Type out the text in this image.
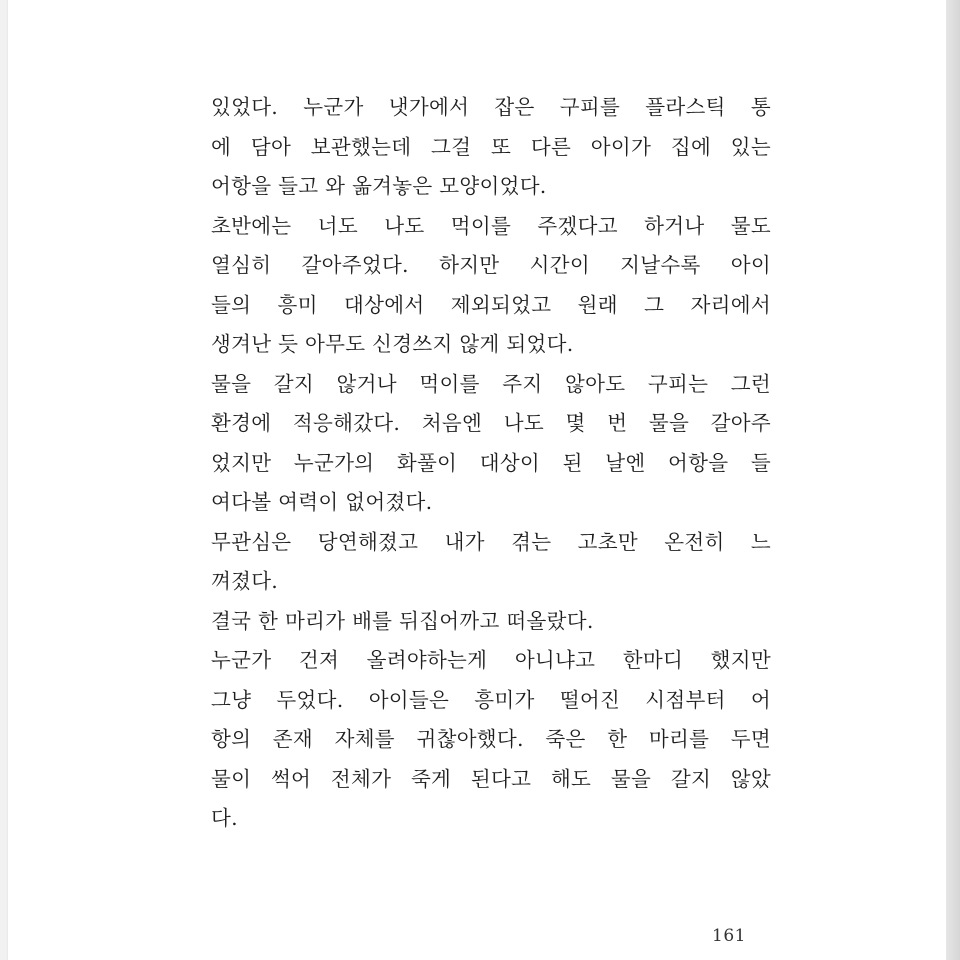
있었다. 누군가 냇가에서 잡은 구피를 플라스틱 통
에 담아 보관했는데 그걸 또 다른 아이가 집에 있는
어항을 들고 와 옮겨놓은 모양이었다.
초반에는 너도 나도 먹이를 주겠다고 하거나 물도
열심히 갈아주었다. 하지만 시간이 지날수록 아이
들의 흥미 대상에서 제외되었고 원래 그 자리에서
생겨난 듯 아무도 신경쓰지 않게 되었다.
물을 갈지 않거나 먹이를 주지 않아도 구피는 그런
환경에 적응해갔다. 처음엔 나도 몇 번 물을 갈아주
었지만 누군가의 화풀이 대상이 된 날엔 어항을 들
여다볼 여력이 없어졌다.
무관심은 당연해졌고 내가 겪는 고초만 온전히 느
껴졌다.
결국 한 마리가 배를 뒤집어까고 떠올랐다.
누군가 건져 올려야하는게 아니냐고 한마디 했지만
그냥 두었다. 아이들은 흥미가 떨어진 시점부터 어
항의 존재 자체를 귀찮아했다. 죽은 한 마리를 두면
물이 썩어 전체가 죽게 된다고 해도 물을 갈지 않았
다.
161
